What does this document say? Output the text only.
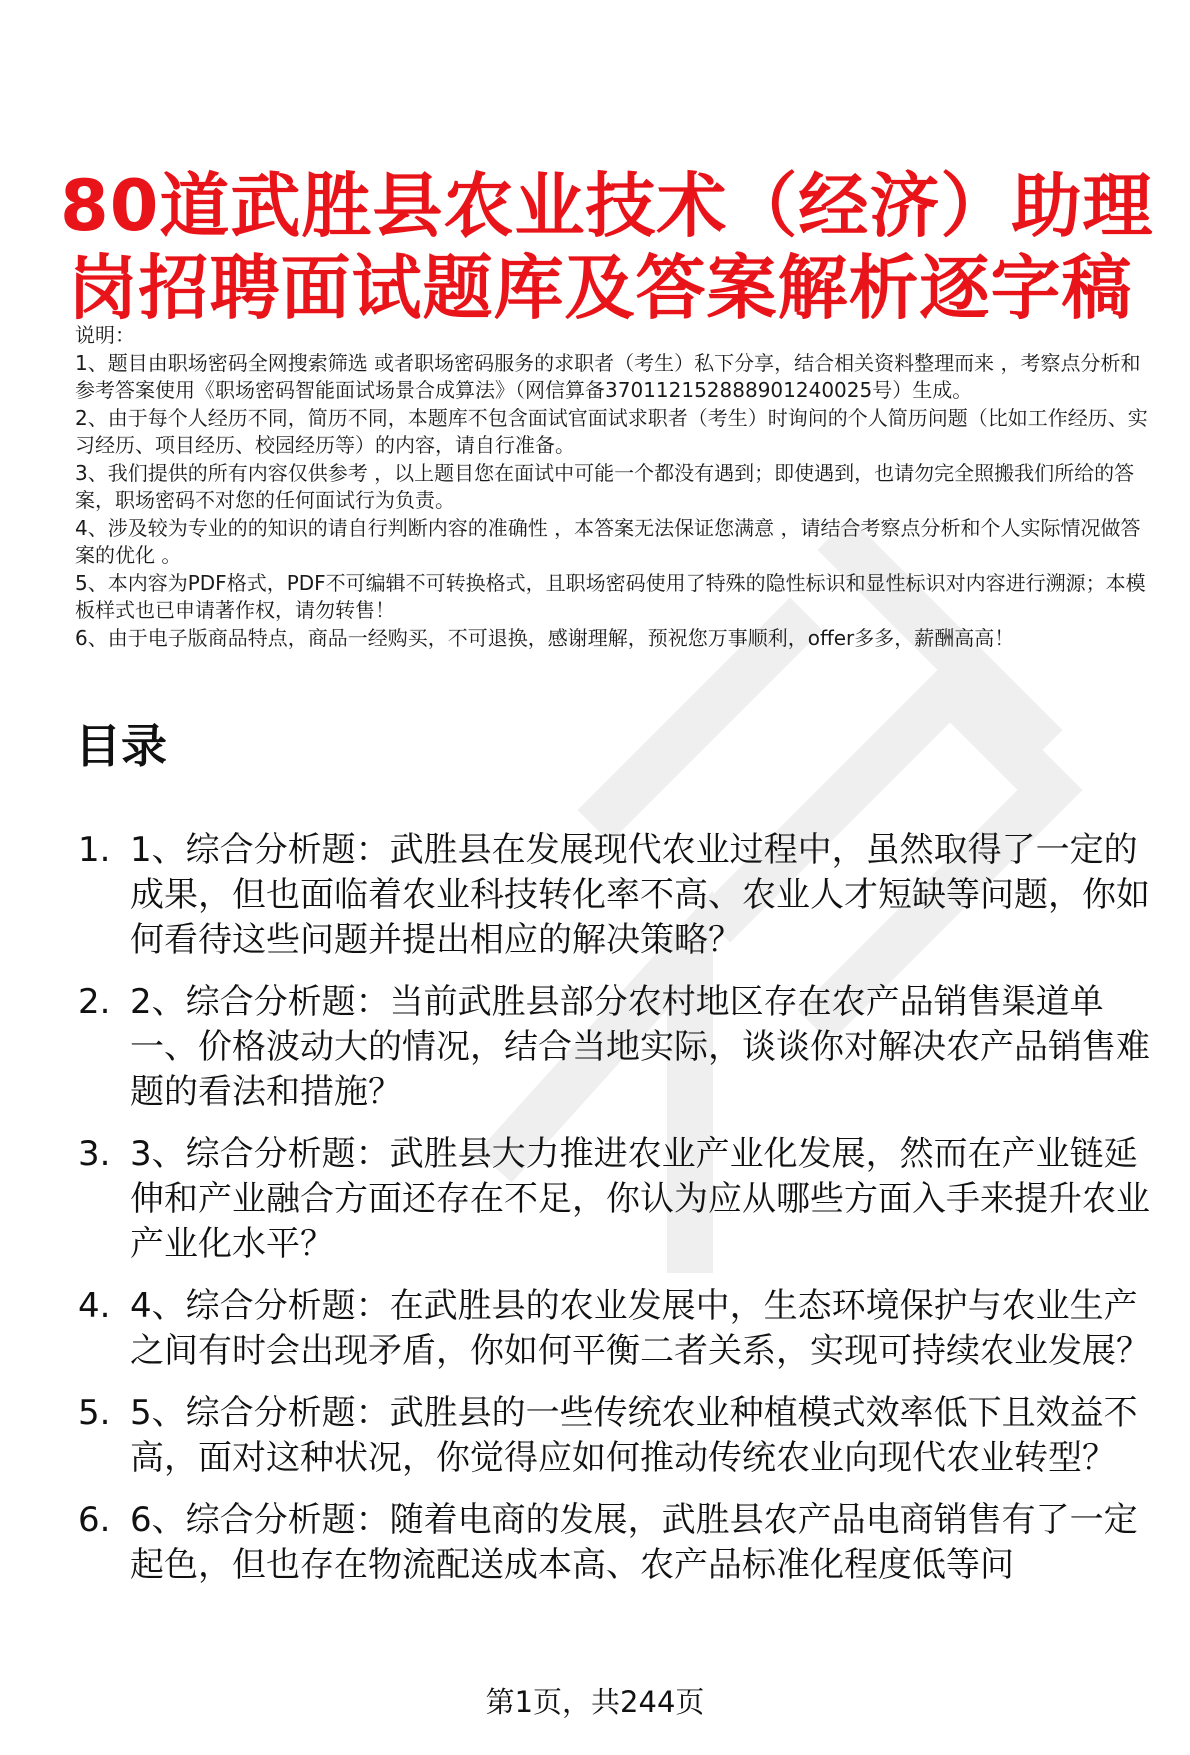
80道武胜县农业技术（经济）助理
岗招聘面试题库及答案解析逐字稿

说明：

1、题目由职场密码全网搜索筛选 或者职场密码服务的求职者（考生）私下分享，结合相关资料整理而来 ，考察点分析和参考答案使用《职场密码智能面试场景合成算法》（网信算备370112152888901240025号）生成。

2、由于每个人经历不同，简历不同，本题库不包含面试官面试求职者（考生）时询问的个人简历问题（比如工作经历、实习经历、项目经历、校园经历等）的内容，请自行准备。

3、我们提供的所有内容仅供参考 ，以上题目您在面试中可能一个都没有遇到；即使遇到，也请勿完全照搬我们所给的答案，职场密码不对您的任何面试行为负责。

4、涉及较为专业的的知识的请自行判断内容的准确性 ，本答案无法保证您满意 ，请结合考察点分析和个人实际情况做答案的优化 。

5、本内容为PDF格式，PDF不可编辑不可转换格式，且职场密码使用了特殊的隐性标识和显性标识对内容进行溯源；本模板样式也已申请著作权，请勿转售！

6、由于电子版商品特点，商品一经购买，不可退换，感谢理解，预祝您万事顺利，offer多多，薪酬高高！

目录
1. 1、综合分析题：武胜县在发展现代农业过程中，虽然取得了一定的成果，但也面临着农业科技转化率不高、农业人才短缺等问题，你如何看待这些问题并提出相应的解决策略？
2. 2、综合分析题：当前武胜县部分农村地区存在农产品销售渠道单一、价格波动大的情况，结合当地实际，谈谈你对解决农产品销售难题的看法和措施？
3. 3、综合分析题：武胜县大力推进农业产业化发展，然而在产业链延伸和产业融合方面还存在不足，你认为应从哪些方面入手来提升农业产业化水平？
4. 4、综合分析题：在武胜县的农业发展中，生态环境保护与农业生产之间有时会出现矛盾，你如何平衡二者关系，实现可持续农业发展？
5. 5、综合分析题：武胜县的一些传统农业种植模式效率低下且效益不高，面对这种状况，你觉得应如何推动传统农业向现代农业转型？
6. 6、综合分析题：随着电商的发展，武胜县农产品电商销售有了一定起色，但也存在物流配送成本高、农产品标准化程度低等问
第1页，共244页
